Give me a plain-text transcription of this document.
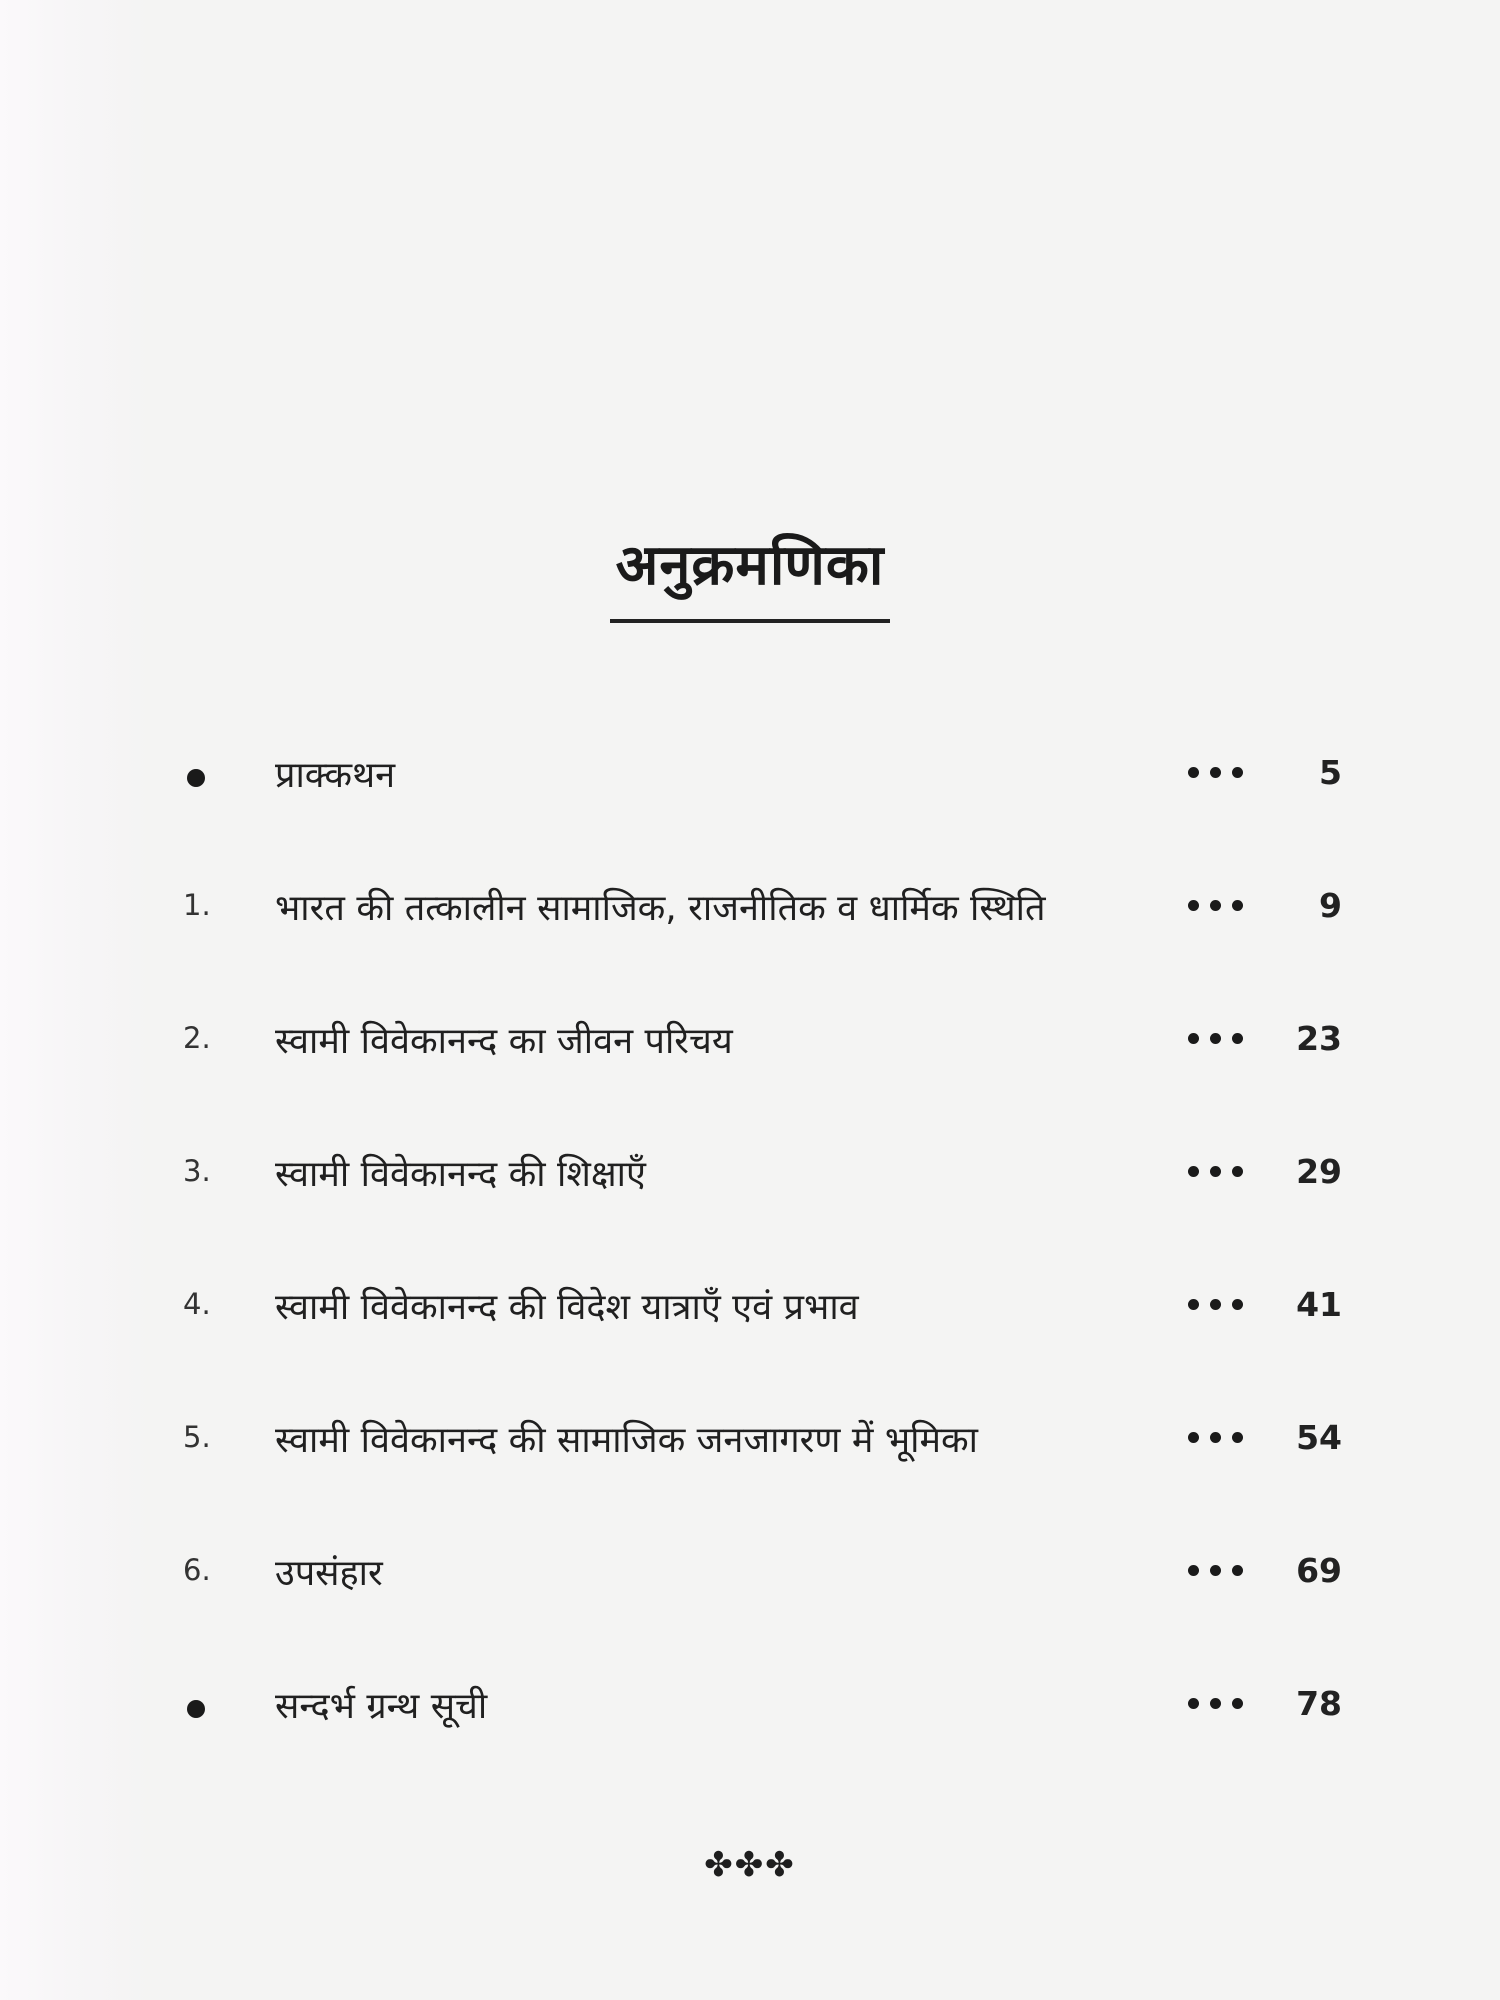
अनुक्रमणिका
प्राक्कथन	5
1. भारत की तत्कालीन सामाजिक, राजनीतिक व धार्मिक स्थिति	9
2. स्वामी विवेकानन्द का जीवन परिचय	23
3. स्वामी विवेकानन्द की शिक्षाएँ	29
4. स्वामी विवेकानन्द की विदेश यात्राएँ एवं प्रभाव	41
5. स्वामी विवेकानन्द की सामाजिक जनजागरण में भूमिका	54
6. उपसंहार	69
सन्दर्भ ग्रन्थ सूची	78
✤✤✤
